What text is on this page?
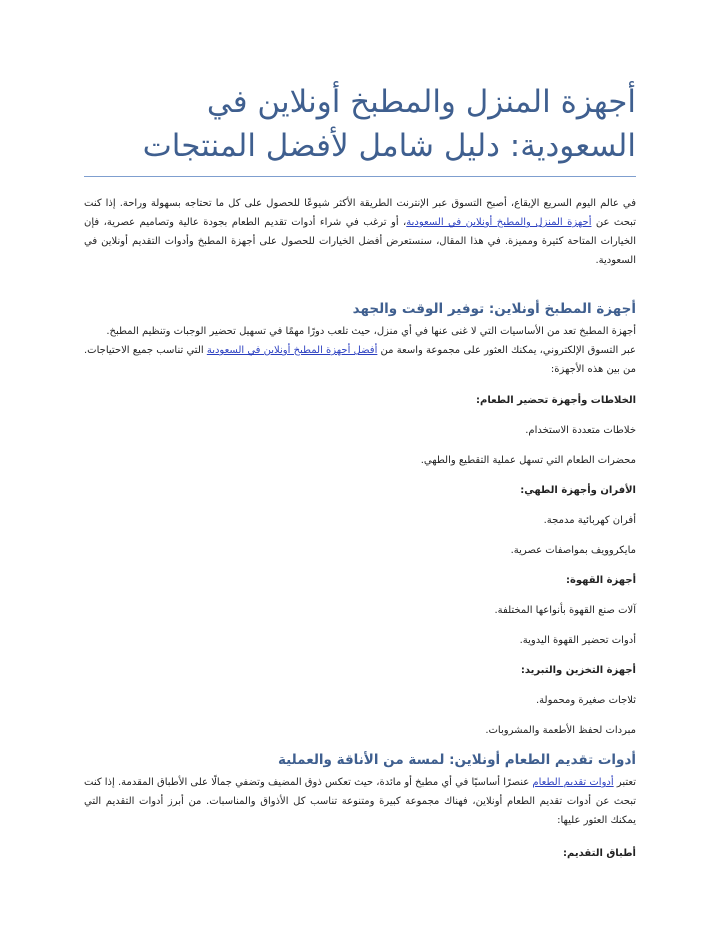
أجهزة المنزل والمطبخ أونلاين في السعودية: دليل شامل لأفضل المنتجات

في عالم اليوم السريع الإيقاع، أصبح التسوق عبر الإنترنت الطريقة الأكثر شيوعًا للحصول على كل ما تحتاجه بسهولة وراحة. إذا كنت تبحث عن أجهزة المنزل والمطبخ أونلاين في السعودية، أو ترغب في شراء أدوات تقديم الطعام بجودة عالية وتصاميم عصرية، فإن الخيارات المتاحة كثيرة ومميزة. في هذا المقال، سنستعرض أفضل الخيارات للحصول على أجهزة المطبخ وأدوات التقديم أونلاين في السعودية.

أجهزة المطبخ أونلاين: توفير الوقت والجهد

أجهزة المطبخ تعد من الأساسيات التي لا غنى عنها في أي منزل، حيث تلعب دورًا مهمًا في تسهيل تحضير الوجبات وتنظيم المطبخ.

عبر التسوق الإلكتروني، يمكنك العثور على مجموعة واسعة من أفضل أجهزة المطبخ أونلاين في السعودية التي تناسب جميع الاحتياجات. من بين هذه الأجهزة:

الخلاطات وأجهزة تحضير الطعام:
خلاطات متعددة الاستخدام.
محضرات الطعام التي تسهل عملية التقطيع والطهي.
الأفران وأجهزة الطهي:
أفران كهربائية مدمجة.
مايكروويف بمواصفات عصرية.
أجهزة القهوة:
آلات صنع القهوة بأنواعها المختلفة.
أدوات تحضير القهوة اليدوية.
أجهزة التخزين والتبريد:
ثلاجات صغيرة ومحمولة.
مبردات لحفظ الأطعمة والمشروبات.
أدوات تقديم الطعام أونلاين: لمسة من الأناقة والعملية

تعتبر أدوات تقديم الطعام عنصرًا أساسيًا في أي مطبخ أو مائدة، حيث تعكس ذوق المضيف وتضفي جمالًا على الأطباق المقدمة. إذا كنت تبحث عن أدوات تقديم الطعام أونلاين، فهناك مجموعة كبيرة ومتنوعة تناسب كل الأذواق والمناسبات. من أبرز أدوات التقديم التي يمكنك العثور عليها:

أطباق التقديم:
